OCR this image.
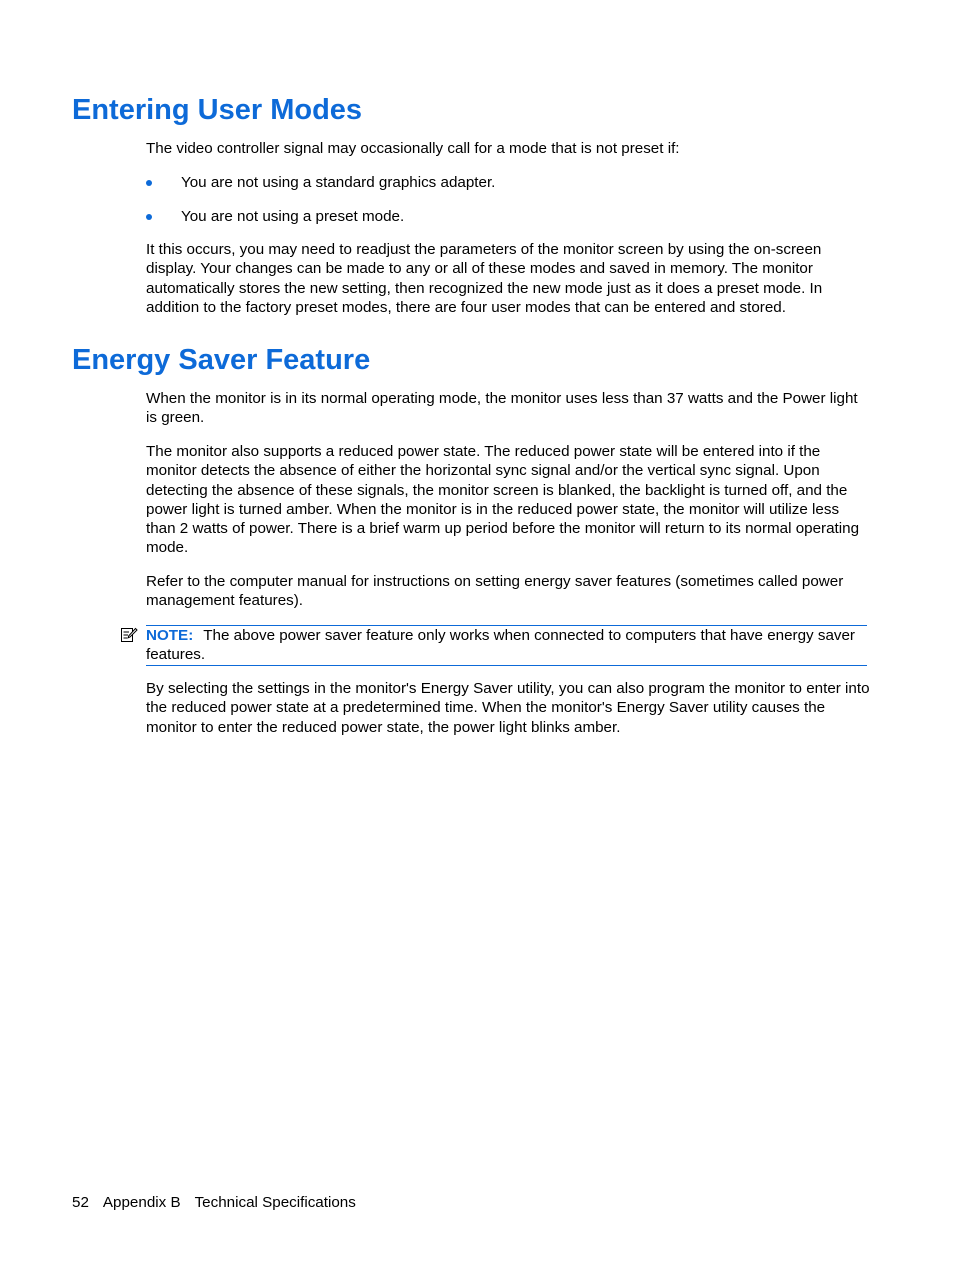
Entering User Modes

The video controller signal may occasionally call for a mode that is not preset if:

You are not using a standard graphics adapter.
You are not using a preset mode.

It this occurs, you may need to readjust the parameters of the monitor screen by using the on-screen display. Your changes can be made to any or all of these modes and saved in memory. The monitor automatically stores the new setting, then recognized the new mode just as it does a preset mode. In addition to the factory preset modes, there are four user modes that can be entered and stored.

Energy Saver Feature

When the monitor is in its normal operating mode, the monitor uses less than 37 watts and the Power light is green.

The monitor also supports a reduced power state. The reduced power state will be entered into if the monitor detects the absence of either the horizontal sync signal and/or the vertical sync signal. Upon detecting the absence of these signals, the monitor screen is blanked, the backlight is turned off, and the power light is turned amber. When the monitor is in the reduced power state, the monitor will utilize less than 2 watts of power. There is a brief warm up period before the monitor will return to its normal operating mode.

Refer to the computer manual for instructions on setting energy saver features (sometimes called power management features).

NOTE: The above power saver feature only works when connected to computers that have energy saver features.

By selecting the settings in the monitor's Energy Saver utility, you can also program the monitor to enter into the reduced power state at a predetermined time. When the monitor's Energy Saver utility causes the monitor to enter the reduced power state, the power light blinks amber.

52 Appendix B Technical Specifications
